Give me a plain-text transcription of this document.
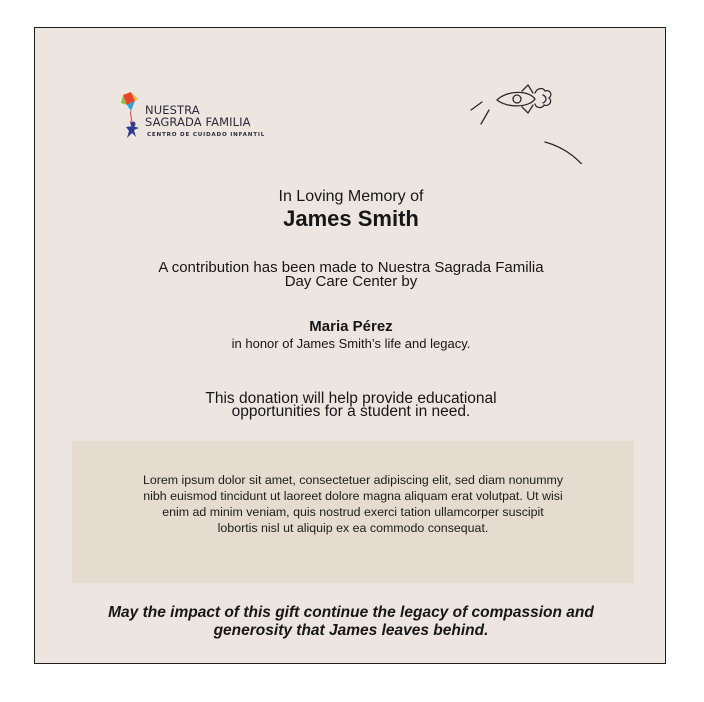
NUESTRA
SAGRADA FAMILIA
CENTRO DE CUIDADO INFANTIL
In Loving Memory of
James Smith
A contribution has been made to Nuestra Sagrada Familia Day Care Center by
Maria Pérez
in honor of James Smith’s life and legacy.
This donation will help provide educational opportunities for a student in need.

Lorem ipsum dolor sit amet, consectetuer adipiscing elit, sed diam nonummy nibh euismod tincidunt ut laoreet dolore magna aliquam erat volutpat. Ut wisi enim ad minim veniam, quis nostrud exerci tation ullamcorper suscipit lobortis nisl ut aliquip ex ea commodo consequat.

May the impact of this gift continue the legacy of compassion and generosity that James leaves behind.
